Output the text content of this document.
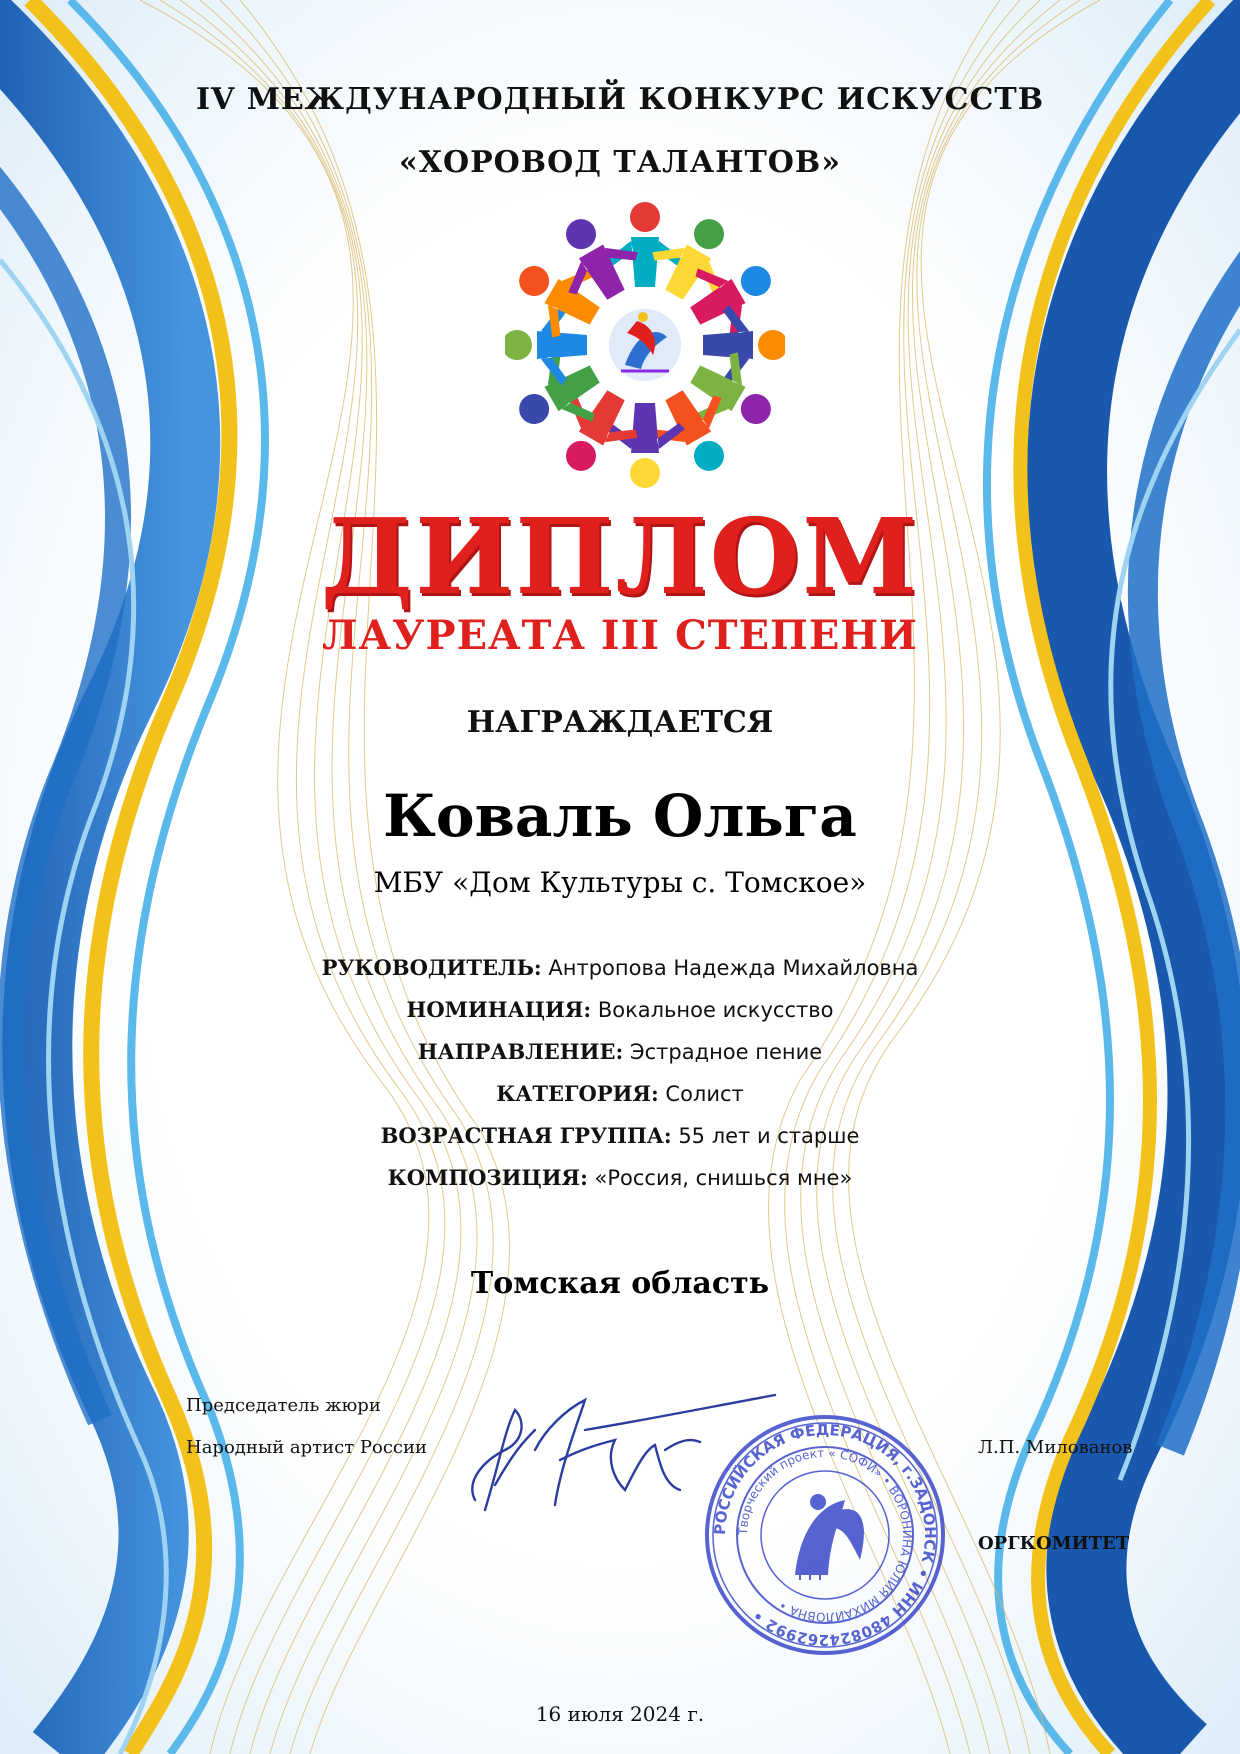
IV МЕЖДУНАРОДНЫЙ КОНКУРС ИСКУССТВ

«ХОРОВОД ТАЛАНТОВ»

ДИПЛОМ

ЛАУРЕАТА III СТЕПЕНИ

НАГРАЖДАЕТСЯ

Коваль Ольга

МБУ «Дом Культуры с. Томское»

РУКОВОДИТЕЛЬ: Антропова Надежда Михайловна

НОМИНАЦИЯ: Вокальное искусство

НАПРАВЛЕНИЕ: Эстрадное пение

КАТЕГОРИЯ: Солист

ВОЗРАСТНАЯ ГРУППА: 55 лет и старше

КОМПОЗИЦИЯ: «Россия, снишься мне»

Томская область

Председатель жюри
Народный артист России	Л.П. Милованов
ОРГКОМИТЕТ
РОССИЙСКАЯ ФЕДЕРАЦИЯ, г.ЗАДОНСК • ИНН 480824262992 •
Творческий проект « СОФИ» • ВОРОНИНА ЮЛИЯ МИХАЙЛОВНА •
16 июля 2024 г.
